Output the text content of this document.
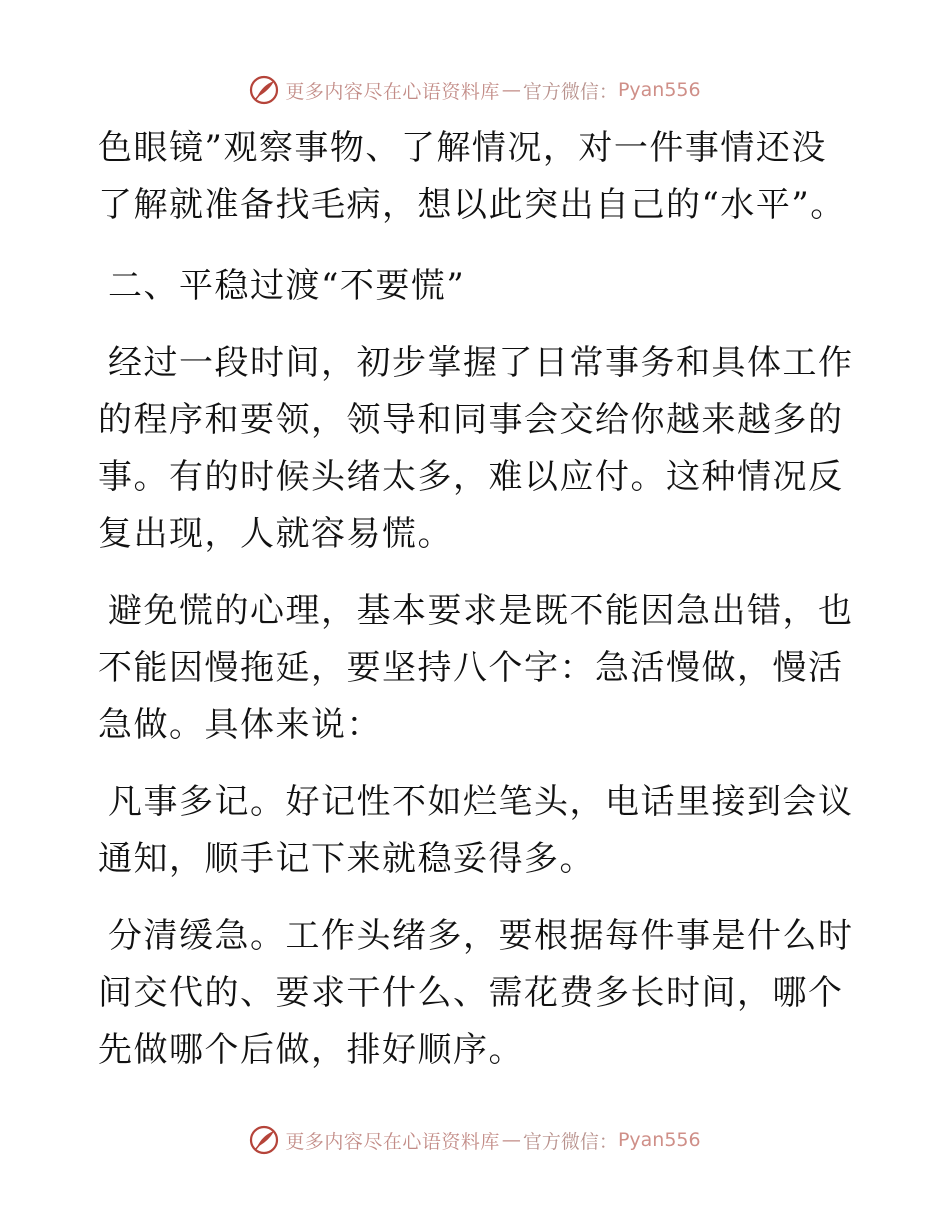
更多内容尽在心语资料库 — 官方微信： Pyan556

色眼镜”观察事物、了解情况，对一件事情还没了解就准备找毛病，想以此突出自己的“水平”。

二、平稳过渡“不要慌”

经过一段时间，初步掌握了日常事务和具体工作的程序和要领，领导和同事会交给你越来越多的事。有的时候头绪太多，难以应付。这种情况反复出现，人就容易慌。

避免慌的心理，基本要求是既不能因急出错，也不能因慢拖延，要坚持八个字：急活慢做，慢活急做。具体来说：

凡事多记。好记性不如烂笔头，电话里接到会议通知，顺手记下来就稳妥得多。

分清缓急。工作头绪多，要根据每件事是什么时间交代的、要求干什么、需花费多长时间，哪个先做哪个后做，排好顺序。

更多内容尽在心语资料库 — 官方微信： Pyan556
